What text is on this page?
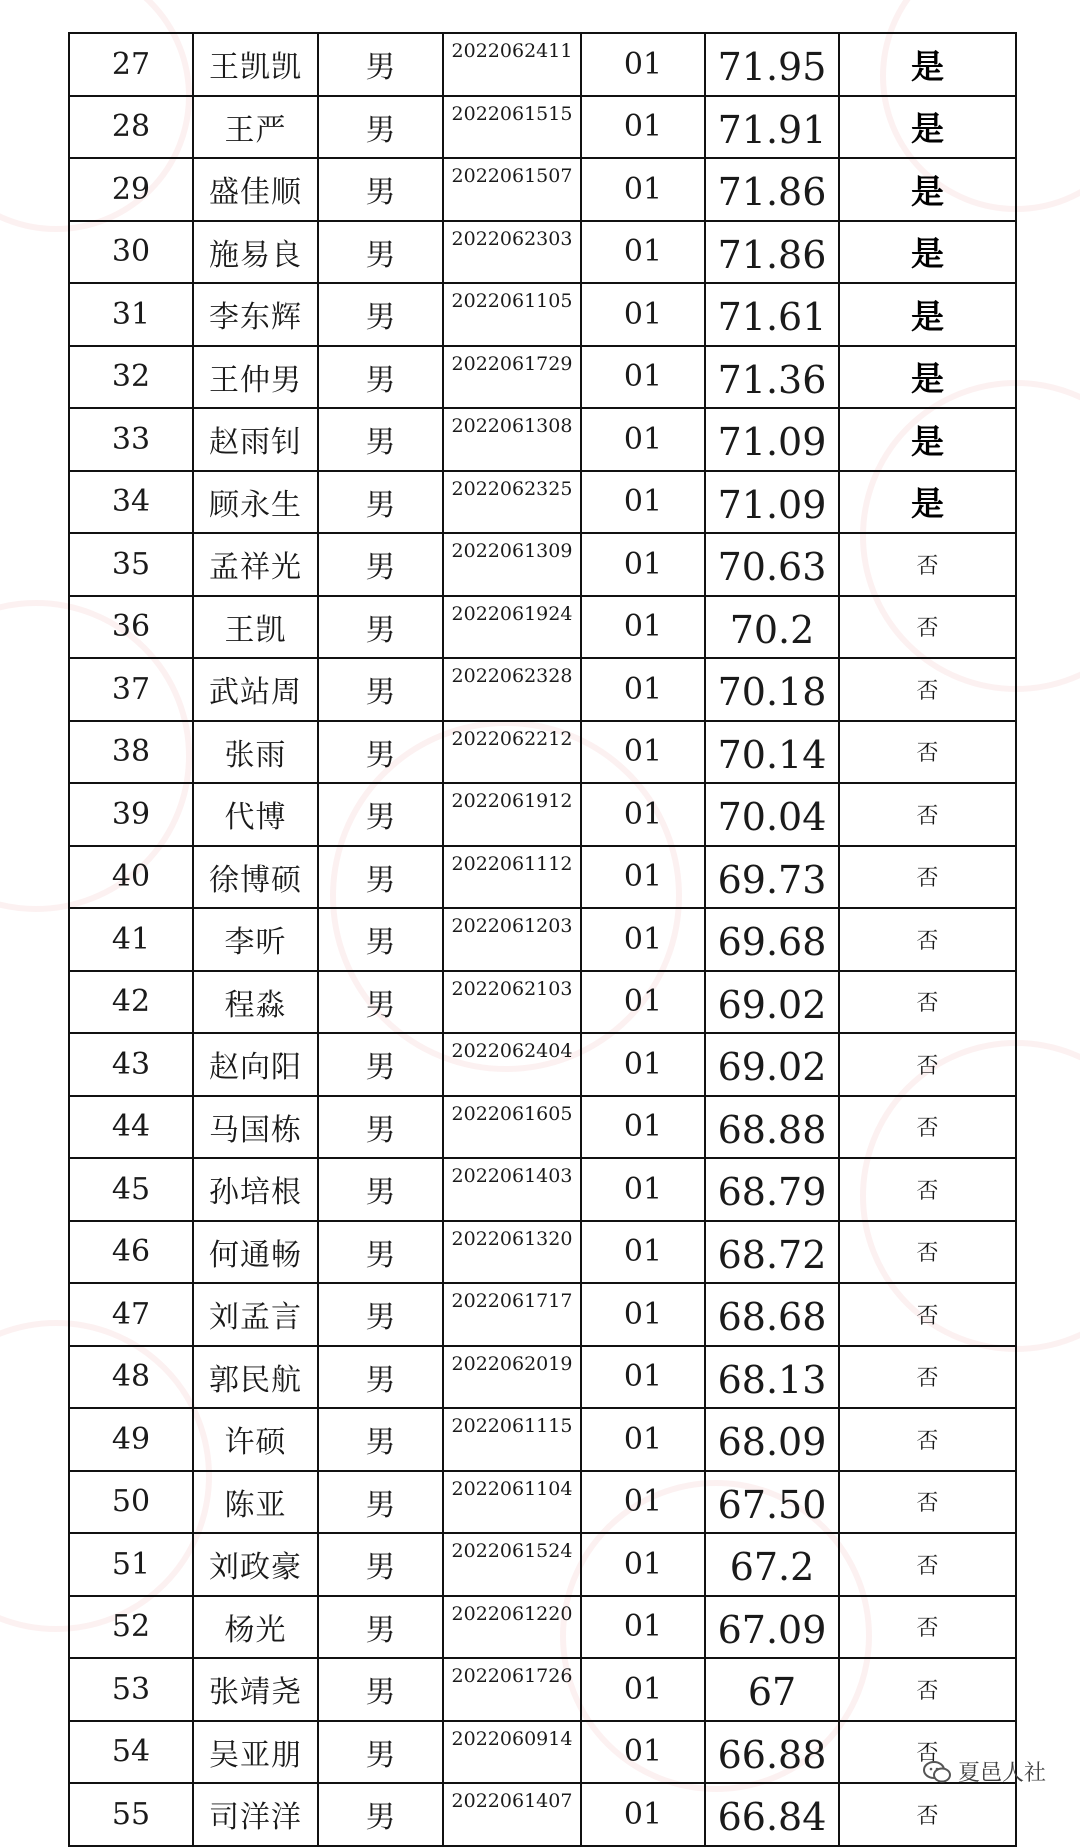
27	王凯凯	男	2022062411	01	71.95	是
28	王严	男	2022061515	01	71.91	是
29	盛佳顺	男	2022061507	01	71.86	是
30	施易良	男	2022062303	01	71.86	是
31	李东辉	男	2022061105	01	71.61	是
32	王仲男	男	2022061729	01	71.36	是
33	赵雨钊	男	2022061308	01	71.09	是
34	顾永生	男	2022062325	01	71.09	是
35	孟祥光	男	2022061309	01	70.63	否
36	王凯	男	2022061924	01	70.2	否
37	武站周	男	2022062328	01	70.18	否
38	张雨	男	2022062212	01	70.14	否
39	代博	男	2022061912	01	70.04	否
40	徐博硕	男	2022061112	01	69.73	否
41	李听	男	2022061203	01	69.68	否
42	程淼	男	2022062103	01	69.02	否
43	赵向阳	男	2022062404	01	69.02	否
44	马国栋	男	2022061605	01	68.88	否
45	孙培根	男	2022061403	01	68.79	否
46	何通畅	男	2022061320	01	68.72	否
47	刘孟言	男	2022061717	01	68.68	否
48	郭民航	男	2022062019	01	68.13	否
49	许硕	男	2022061115	01	68.09	否
50	陈亚	男	2022061104	01	67.50	否
51	刘政豪	男	2022061524	01	67.2	否
52	杨光	男	2022061220	01	67.09	否
53	张靖尧	男	2022061726	01	67	否
54	吴亚朋	男	2022060914	01	66.88	否
55	司洋洋	男	2022061407	01	66.84	否
夏邑人社
